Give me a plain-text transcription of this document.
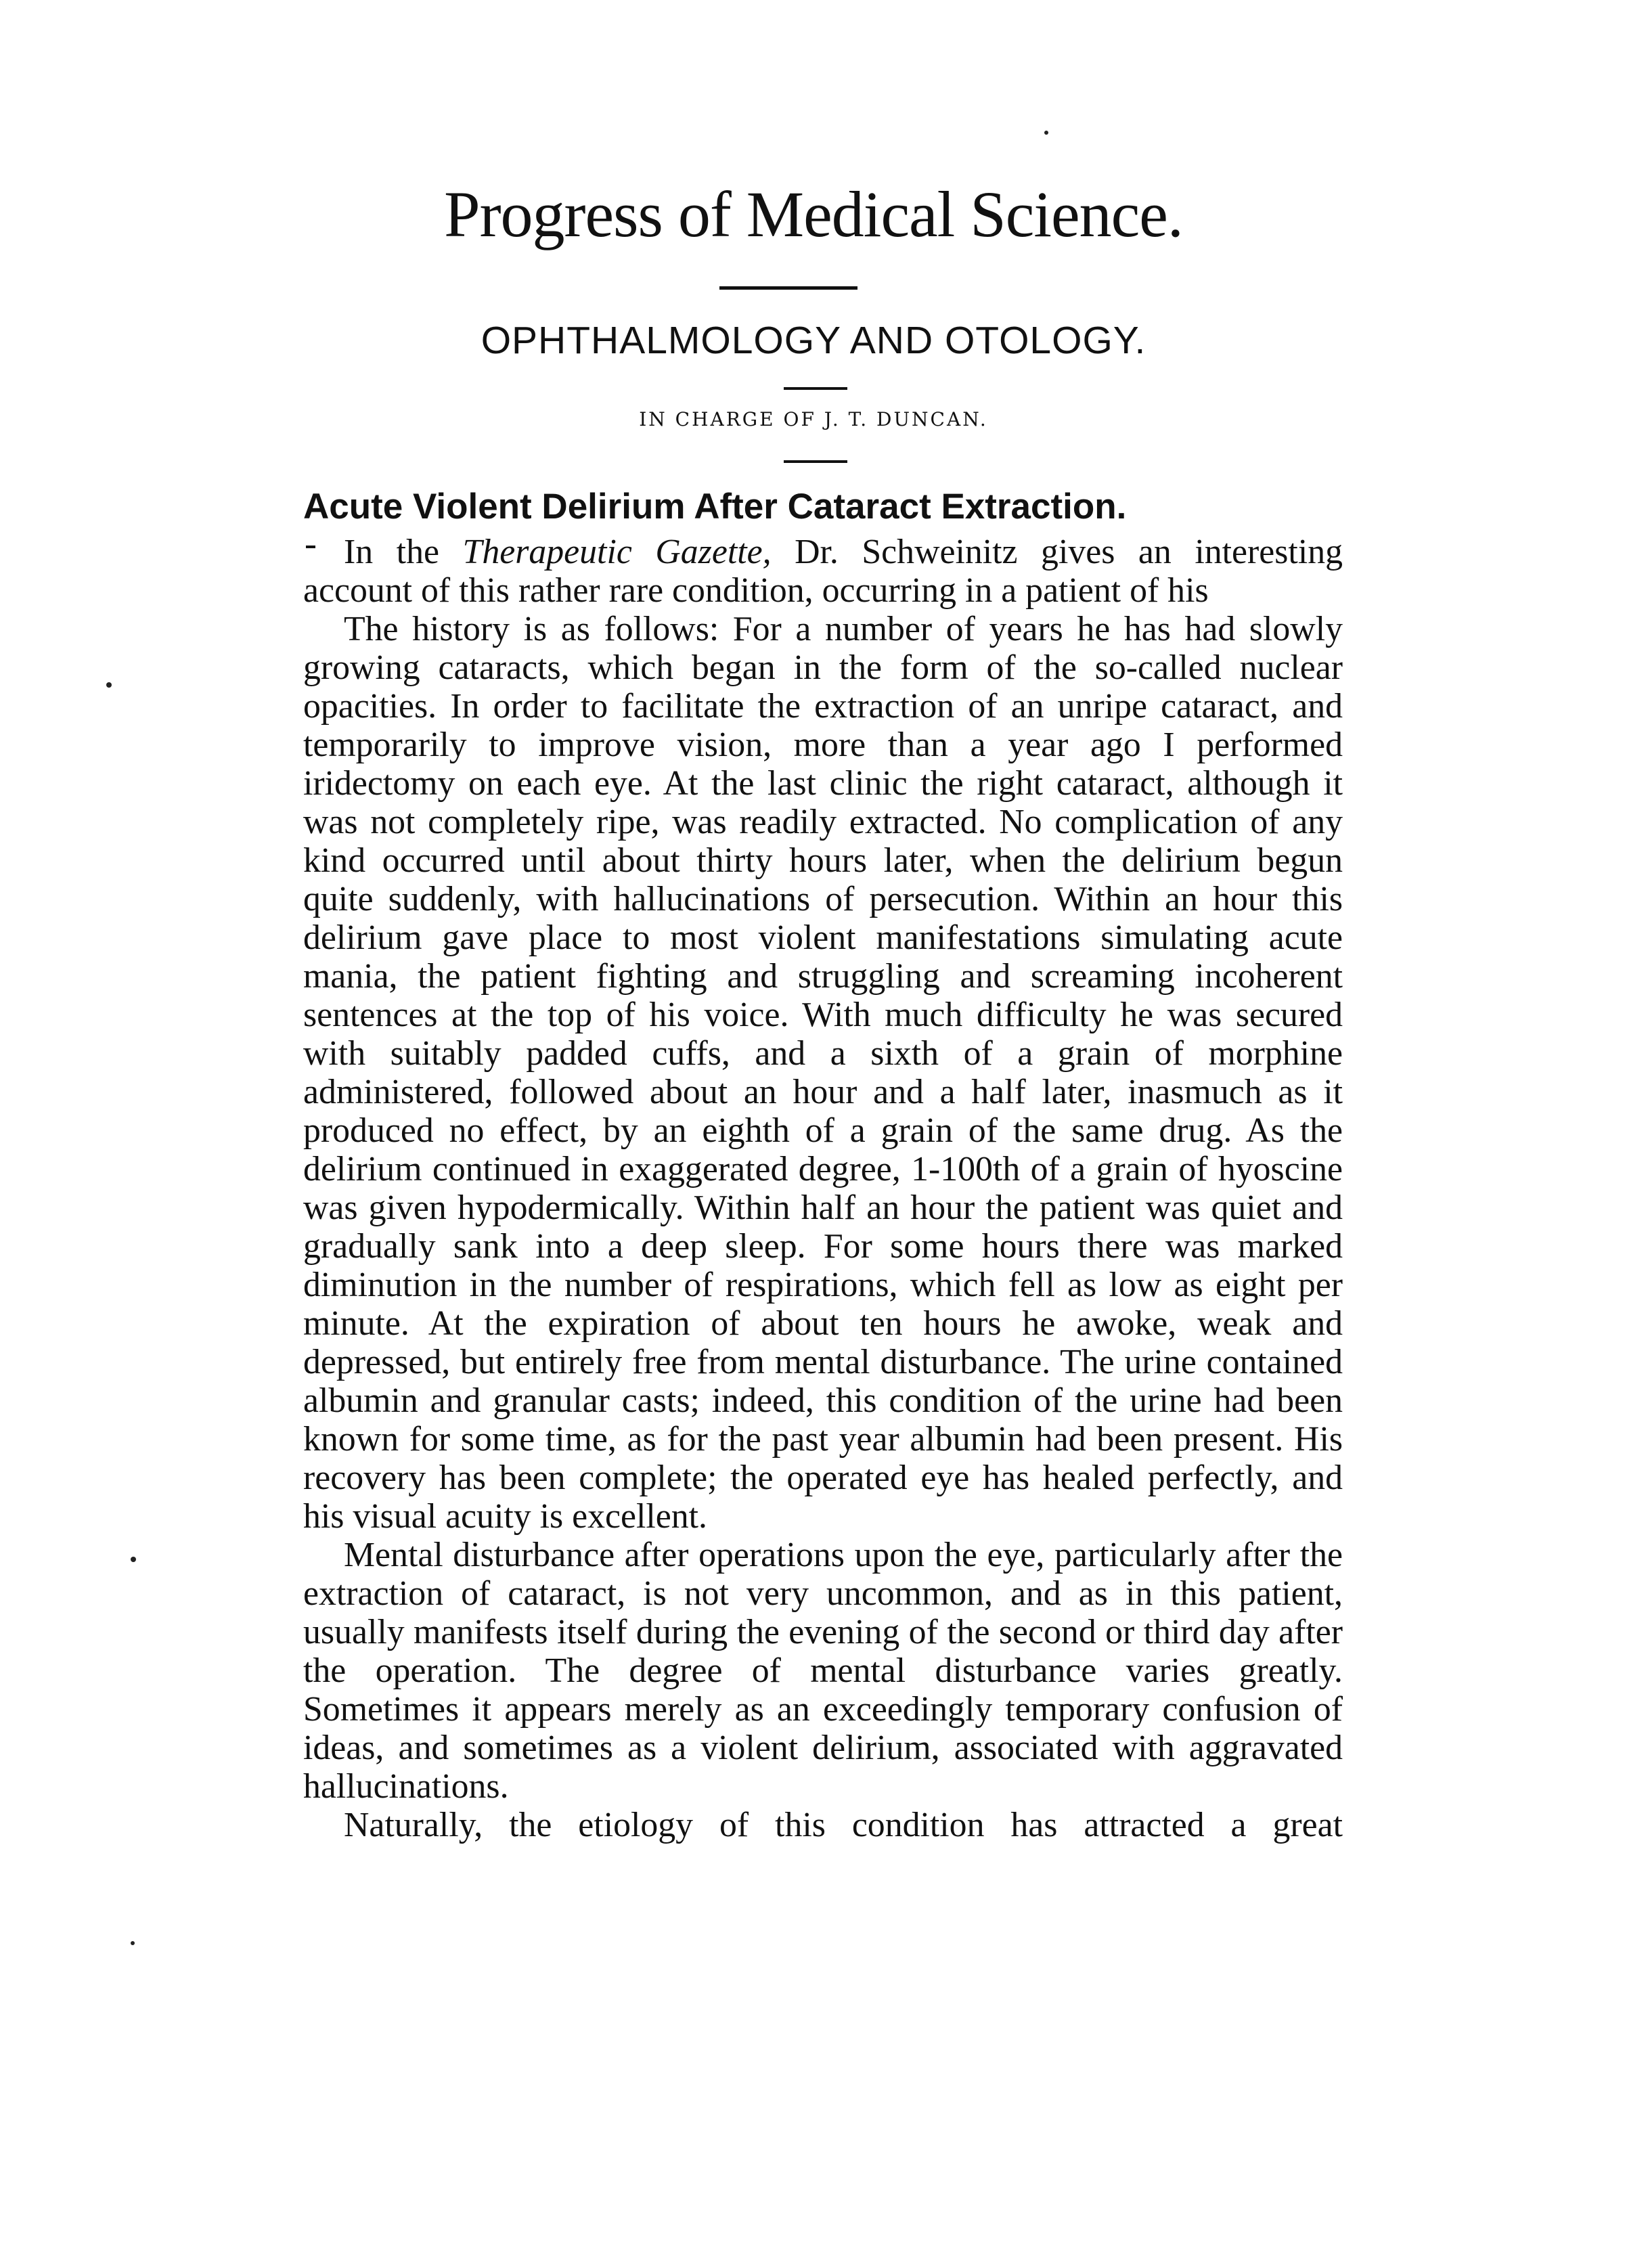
Progress of Medical Science.
OPHTHALMOLOGY AND OTOLOGY.
IN CHARGE OF J. T. DUNCAN.
Acute Violent Delirium After Cataract Extraction.

In the Therapeutic Gazette, Dr. Schweinitz gives an interesting account of this rather rare condition, occurring in a patient of his

The history is as follows: For a number of years he has had slowly growing cataracts, which began in the form of the so-called nuclear opacities. In order to facilitate the extraction of an unripe cataract, and temporarily to improve vision, more than a year ago I performed iridectomy on each eye. At the last clinic the right cataract, although it was not completely ripe, was readily extracted. No complication of any kind occurred until about thirty hours later, when the delirium begun quite suddenly, with hallucinations of persecution. Within an hour this delirium gave place to most violent manifestations simulating acute mania, the patient fighting and struggling and screaming incoherent sentences at the top of his voice. With much difficulty he was secured with suitably padded cuffs, and a sixth of a grain of morphine administered, followed about an hour and a half later, inasmuch as it produced no effect, by an eighth of a grain of the same drug. As the delirium continued in exaggerated degree, 1-100th of a grain of hyoscine was given hypodermically. Within half an hour the patient was quiet and gradually sank into a deep sleep. For some hours there was marked diminution in the number of respirations, which fell as low as eight per minute. At the expiration of about ten hours he awoke, weak and depressed, but entirely free from mental disturbance. The urine contained albumin and granular casts; indeed, this condition of the urine had been known for some time, as for the past year albumin had been present. His recovery has been complete; the operated eye has healed perfectly, and his visual acuity is excellent.

Mental disturbance after operations upon the eye, particularly after the extraction of cataract, is not very uncommon, and as in this patient, usually manifests itself during the evening of the second or third day after the operation. The degree of mental disturbance varies greatly. Sometimes it appears merely as an exceedingly temporary confusion of ideas, and sometimes as a violent delirium, associated with aggravated hallucinations.

Naturally, the etiology of this condition has attracted a great
